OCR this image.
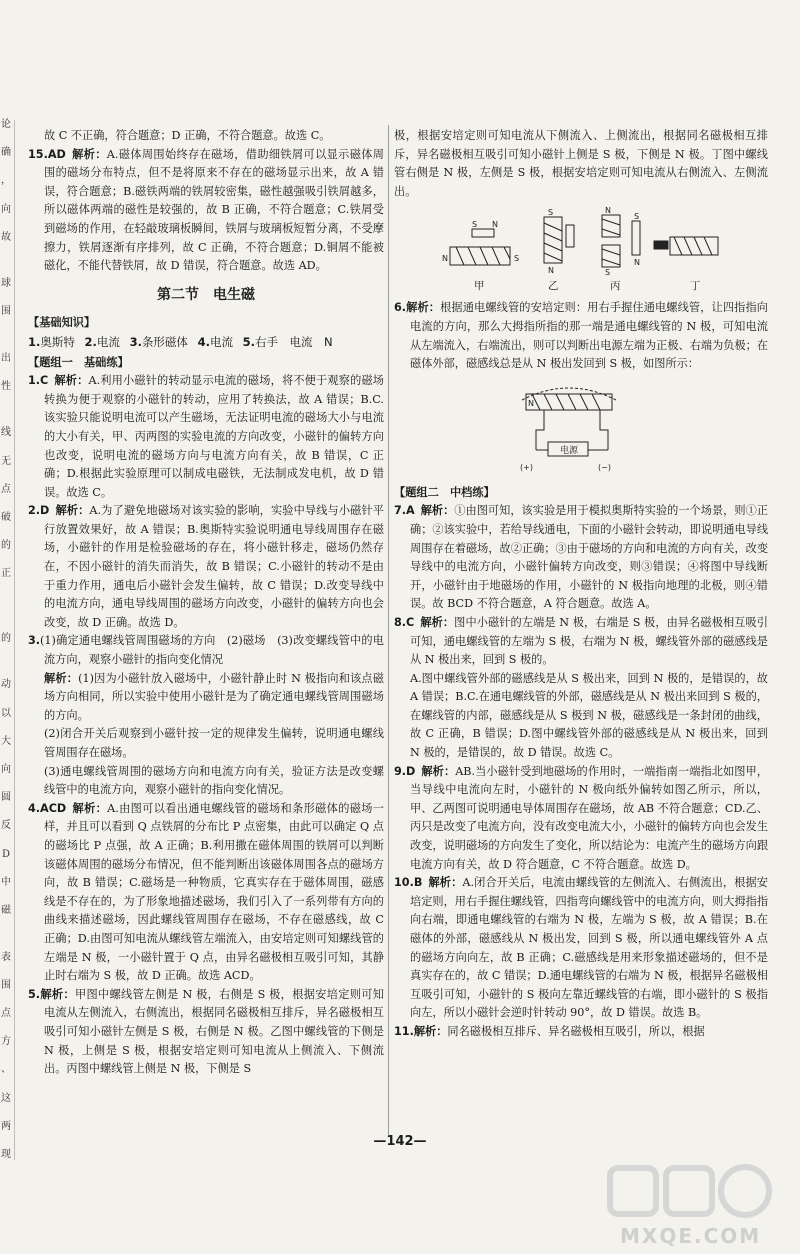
论
确
，
向
故
球
围
出
性
线
无
点
破
的
正
的
动
以
大
向
圆
反
D
中
磁
表
围
点
方
、
这
两
现

故 C 不正确，符合题意；D 正确，不符合题意。故选 C。

15.AD 解析：A.磁体周围始终存在磁场，借助细铁屑可以显示磁体周围的磁场分布特点，但不是将原来不存在的磁场显示出来，故 A 错误，符合题意；B.磁铁两端的铁屑较密集，磁性越强吸引铁屑越多，所以磁体两端的磁性是较强的，故 B 正确，不符合题意；C.铁屑受到磁场的作用，在轻敲玻璃板瞬间，铁屑与玻璃板短暂分离，不受摩擦力，铁屑逐渐有序排列，故 C 正确，不符合题意；D.铜屑不能被磁化，不能代替铁屑，故 D 错误，符合题意。故选 AD。

第二节　电生磁
【基础知识】
1.奥斯特 2.电流 3.条形磁体 4.电流 5.右手　电流　N
【题组一　基础练】

1.C 解析：A.利用小磁针的转动显示电流的磁场，将不便于观察的磁场转换为便于观察的小磁针的转动，应用了转换法，故 A 错误；B.C.该实验只能说明电流可以产生磁场，无法证明电流的磁场大小与电流的大小有关，甲、丙两图的实验电流的方向改变，小磁针的偏转方向也改变，说明电流的磁场方向与电流方向有关，故 B 错误，C 正确；D.根据此实验原理可以制成电磁铁，无法制成发电机，故 D 错误。故选 C。

2.D 解析：A.为了避免地磁场对该实验的影响，实验中导线与小磁针平行放置效果好，故 A 错误；B.奥斯特实验说明通电导线周围存在磁场，小磁针的作用是检验磁场的存在，将小磁针移走，磁场仍然存在，不因小磁针的消失而消失，故 B 错误；C.小磁针的转动不是由于重力作用，通电后小磁针会发生偏转，故 C 错误；D.改变导线中的电流方向，通电导线周围的磁场方向改变，小磁针的偏转方向也会改变，故 D 正确。故选 D。

3.(1)确定通电螺线管周围磁场的方向　(2)磁场　(3)改变螺线管中的电流方向，观察小磁针的指向变化情况

解析：(1)因为小磁针放入磁场中，小磁针静止时 N 极指向和该点磁场方向相同，所以实验中使用小磁针是为了确定通电螺线管周围磁场的方向。

(2)闭合开关后观察到小磁针按一定的规律发生偏转，说明通电螺线管周围存在磁场。

(3)通电螺线管周围的磁场方向和电流方向有关，验证方法是改变螺线管中的电流方向，观察小磁针的指向变化情况。

4.ACD 解析：A.由图可以看出通电螺线管的磁场和条形磁体的磁场一样，并且可以看到 Q 点铁屑的分布比 P 点密集，由此可以确定 Q 点的磁场比 P 点强，故 A 正确；B.利用撒在磁体周围的铁屑可以判断该磁体周围的磁场分布情况，但不能判断出该磁体周围各点的磁场方向，故 B 错误；C.磁场是一种物质，它真实存在于磁体周围，磁感线是不存在的，为了形象地描述磁场，我们引入了一系列带有方向的曲线来描述磁场，因此螺线管周围存在磁场，不存在磁感线，故 C 正确；D.由图可知电流从螺线管左端流入，由安培定则可知螺线管的左端是 N 极，一小磁针置于 Q 点，由异名磁极相互吸引可知，其静止时右端为 S 极，故 D 正确。故选 ACD。

5.解析：甲图中螺线管左侧是 N 极，右侧是 S 极，根据安培定则可知电流从左侧流入，右侧流出，根据同名磁极相互排斥，异名磁极相互吸引可知小磁针左侧是 S 极，右侧是 N 极。乙图中螺线管的下侧是 N 极，上侧是 S 极，根据安培定则可知电流从上侧流入、下侧流出。丙图中螺线管上侧是 N 极，下侧是 S

极，根据安培定则可知电流从下侧流入、上侧流出，根据同名磁极相互排斥，异名磁极相互吸引可知小磁针上侧是 S 极，下侧是 N 极。丁图中螺线管右侧是 N 极，左侧是 S 极，根据安培定则可知电流从右侧流入、左侧流出。

N	S
S N
S
N
N
S
S
N
甲	乙	丙	丁

6.解析：根据通电螺线管的安培定则：用右手握住通电螺线管，让四指指向电流的方向，那么大拇指所指的那一端是通电螺线管的 N 极，可知电流从左端流入，右端流出，则可以判断出电源左端为正极、右端为负极；在磁体外部，磁感线总是从 N 极出发回到 S 极，如图所示：

N
电源
(+)	(−)
【题组二　中档练】

7.A 解析：①由图可知，该实验是用于模拟奥斯特实验的一个场景，则①正确；②该实验中，若给导线通电，下面的小磁针会转动，即说明通电导线周围存在着磁场，故②正确；③由于磁场的方向和电流的方向有关，改变导线中的电流方向，小磁针偏转方向改变，则③错误；④将图中导线断开，小磁针由于地磁场的作用，小磁针的 N 极指向地理的北极，则④错误。故 BCD 不符合题意，A 符合题意。故选 A。

8.C 解析：图中小磁针的左端是 N 极，右端是 S 极，由异名磁极相互吸引可知，通电螺线管的左端为 S 极，右端为 N 极，螺线管外部的磁感线是从 N 极出来，回到 S 极的。

A.图中螺线管外部的磁感线是从 S 极出来，回到 N 极的，是错误的，故 A 错误；B.C.在通电螺线管的外部，磁感线是从 N 极出来回到 S 极的，在螺线管的内部，磁感线是从 S 极到 N 极，磁感线是一条封闭的曲线，故 C 正确，B 错误；D.图中螺线管外部的磁感线是从 N 极出来，回到 N 极的，是错误的，故 D 错误。故选 C。

9.D 解析：AB.当小磁针受到地磁场的作用时，一端指南一端指北如图甲，当导线中电流向左时，小磁针的 N 极向纸外偏转如图乙所示，所以，甲、乙两图可说明通电导体周围存在磁场，故 AB 不符合题意；CD.乙、丙只是改变了电流方向，没有改变电流大小，小磁针的偏转方向也会发生改变，说明磁场的方向发生了变化，所以结论为：电流产生的磁场方向跟电流方向有关，故 D 符合题意，C 不符合题意。故选 D。

10.B 解析：A.闭合开关后，电流由螺线管的左侧流入、右侧流出，根据安培定则，用右手握住螺线管，四指弯向螺线管中的电流方向，则大拇指指向右端，即通电螺线管的右端为 N 极，左端为 S 极，故 A 错误；B.在磁体的外部，磁感线从 N 极出发，回到 S 极，所以通电螺线管外 A 点的磁场方向向左，故 B 正确；C.磁感线是用来形象描述磁场的，但不是真实存在的，故 C 错误；D.通电螺线管的右端为 N 极，根据异名磁极相互吸引可知，小磁针的 S 极向左靠近螺线管的右端，即小磁针的 S 极指向左，所以小磁针会逆时针转动 90°，故 D 错误。故选 B。

11.解析：同名磁极相互排斥、异名磁极相互吸引，所以，根据

—142—
MXQE.COM
